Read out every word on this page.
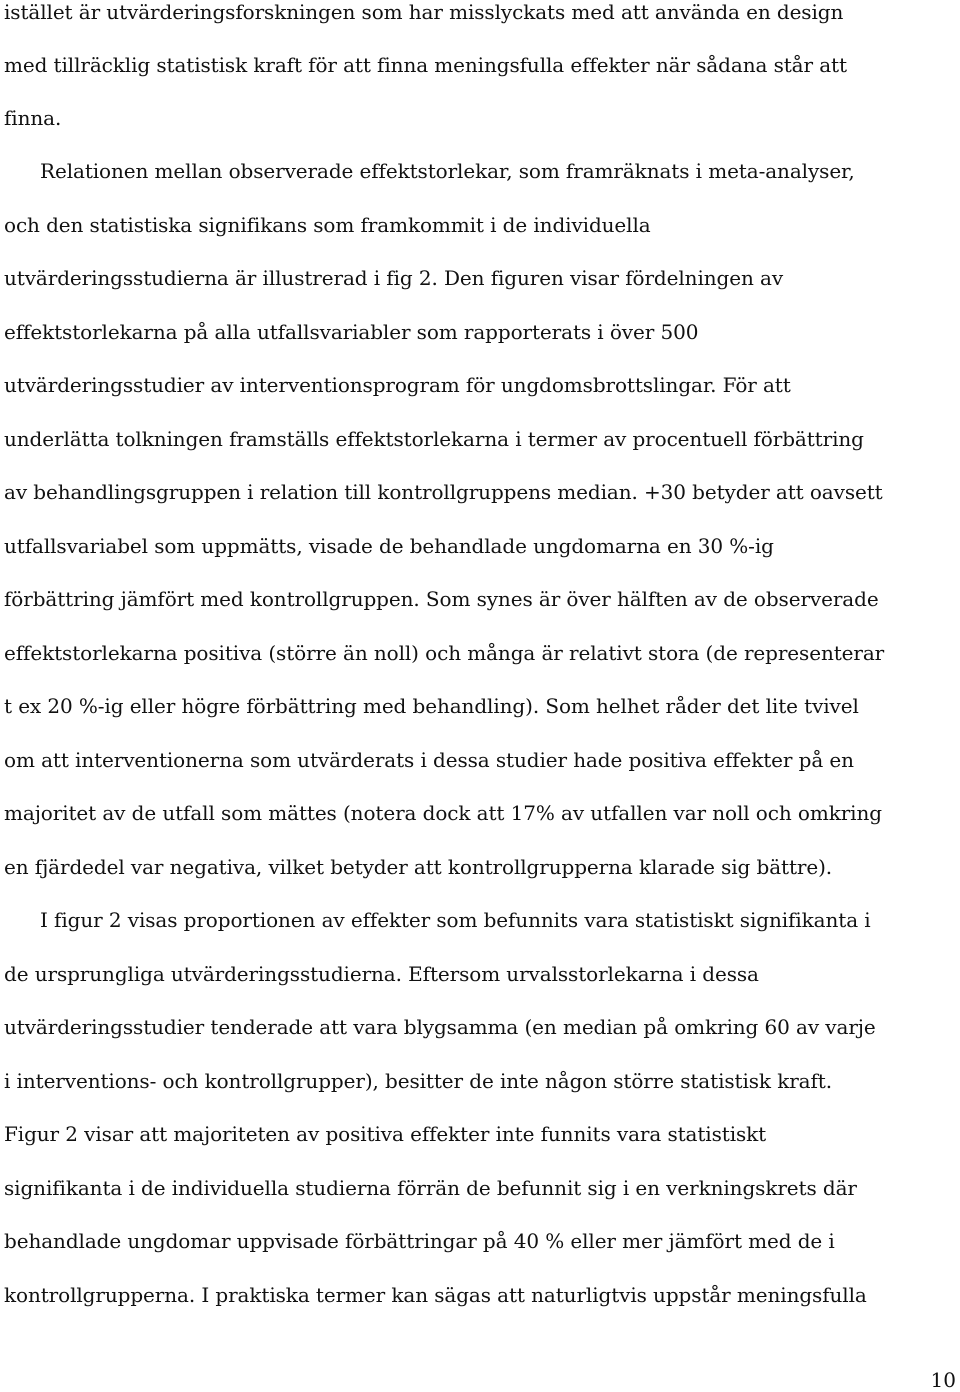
istället är utvärderingsforskningen som har misslyckats med att använda en design
med tillräcklig statistisk kraft för att finna meningsfulla effekter när sådana står att
finna.
Relationen mellan observerade effektstorlekar, som framräknats i meta-analyser,
och den statistiska signifikans som framkommit i de individuella
utvärderingsstudierna är illustrerad i fig 2. Den figuren visar fördelningen av
effektstorlekarna på alla utfallsvariabler som rapporterats i över 500
utvärderingsstudier av interventionsprogram för ungdomsbrottslingar. För att
underlätta tolkningen framställs effektstorlekarna i termer av procentuell förbättring
av behandlingsgruppen i relation till kontrollgruppens median. +30 betyder att oavsett
utfallsvariabel som uppmätts, visade de behandlade ungdomarna en 30 %-ig
förbättring jämfört med kontrollgruppen. Som synes är över hälften av de observerade
effektstorlekarna positiva (större än noll) och många är relativt stora (de representerar
t ex 20 %-ig eller högre förbättring med behandling). Som helhet råder det lite tvivel
om att interventionerna som utvärderats i dessa studier hade positiva effekter på en
majoritet av de utfall som mättes (notera dock att 17% av utfallen var noll och omkring
en fjärdedel var negativa, vilket betyder att kontrollgrupperna klarade sig bättre).
I figur 2 visas proportionen av effekter som befunnits vara statistiskt signifikanta i
de ursprungliga utvärderingsstudierna. Eftersom urvalsstorlekarna i dessa
utvärderingsstudier tenderade att vara blygsamma (en median på omkring 60 av varje
i interventions- och kontrollgrupper), besitter de inte någon större statistisk kraft.
Figur 2 visar att majoriteten av positiva effekter inte funnits vara statistiskt
signifikanta i de individuella studierna förrän de befunnit sig i en verkningskrets där
behandlade ungdomar uppvisade förbättringar på 40 % eller mer jämfört med de i
kontrollgrupperna. I praktiska termer kan sägas att naturligtvis uppstår meningsfulla
10
